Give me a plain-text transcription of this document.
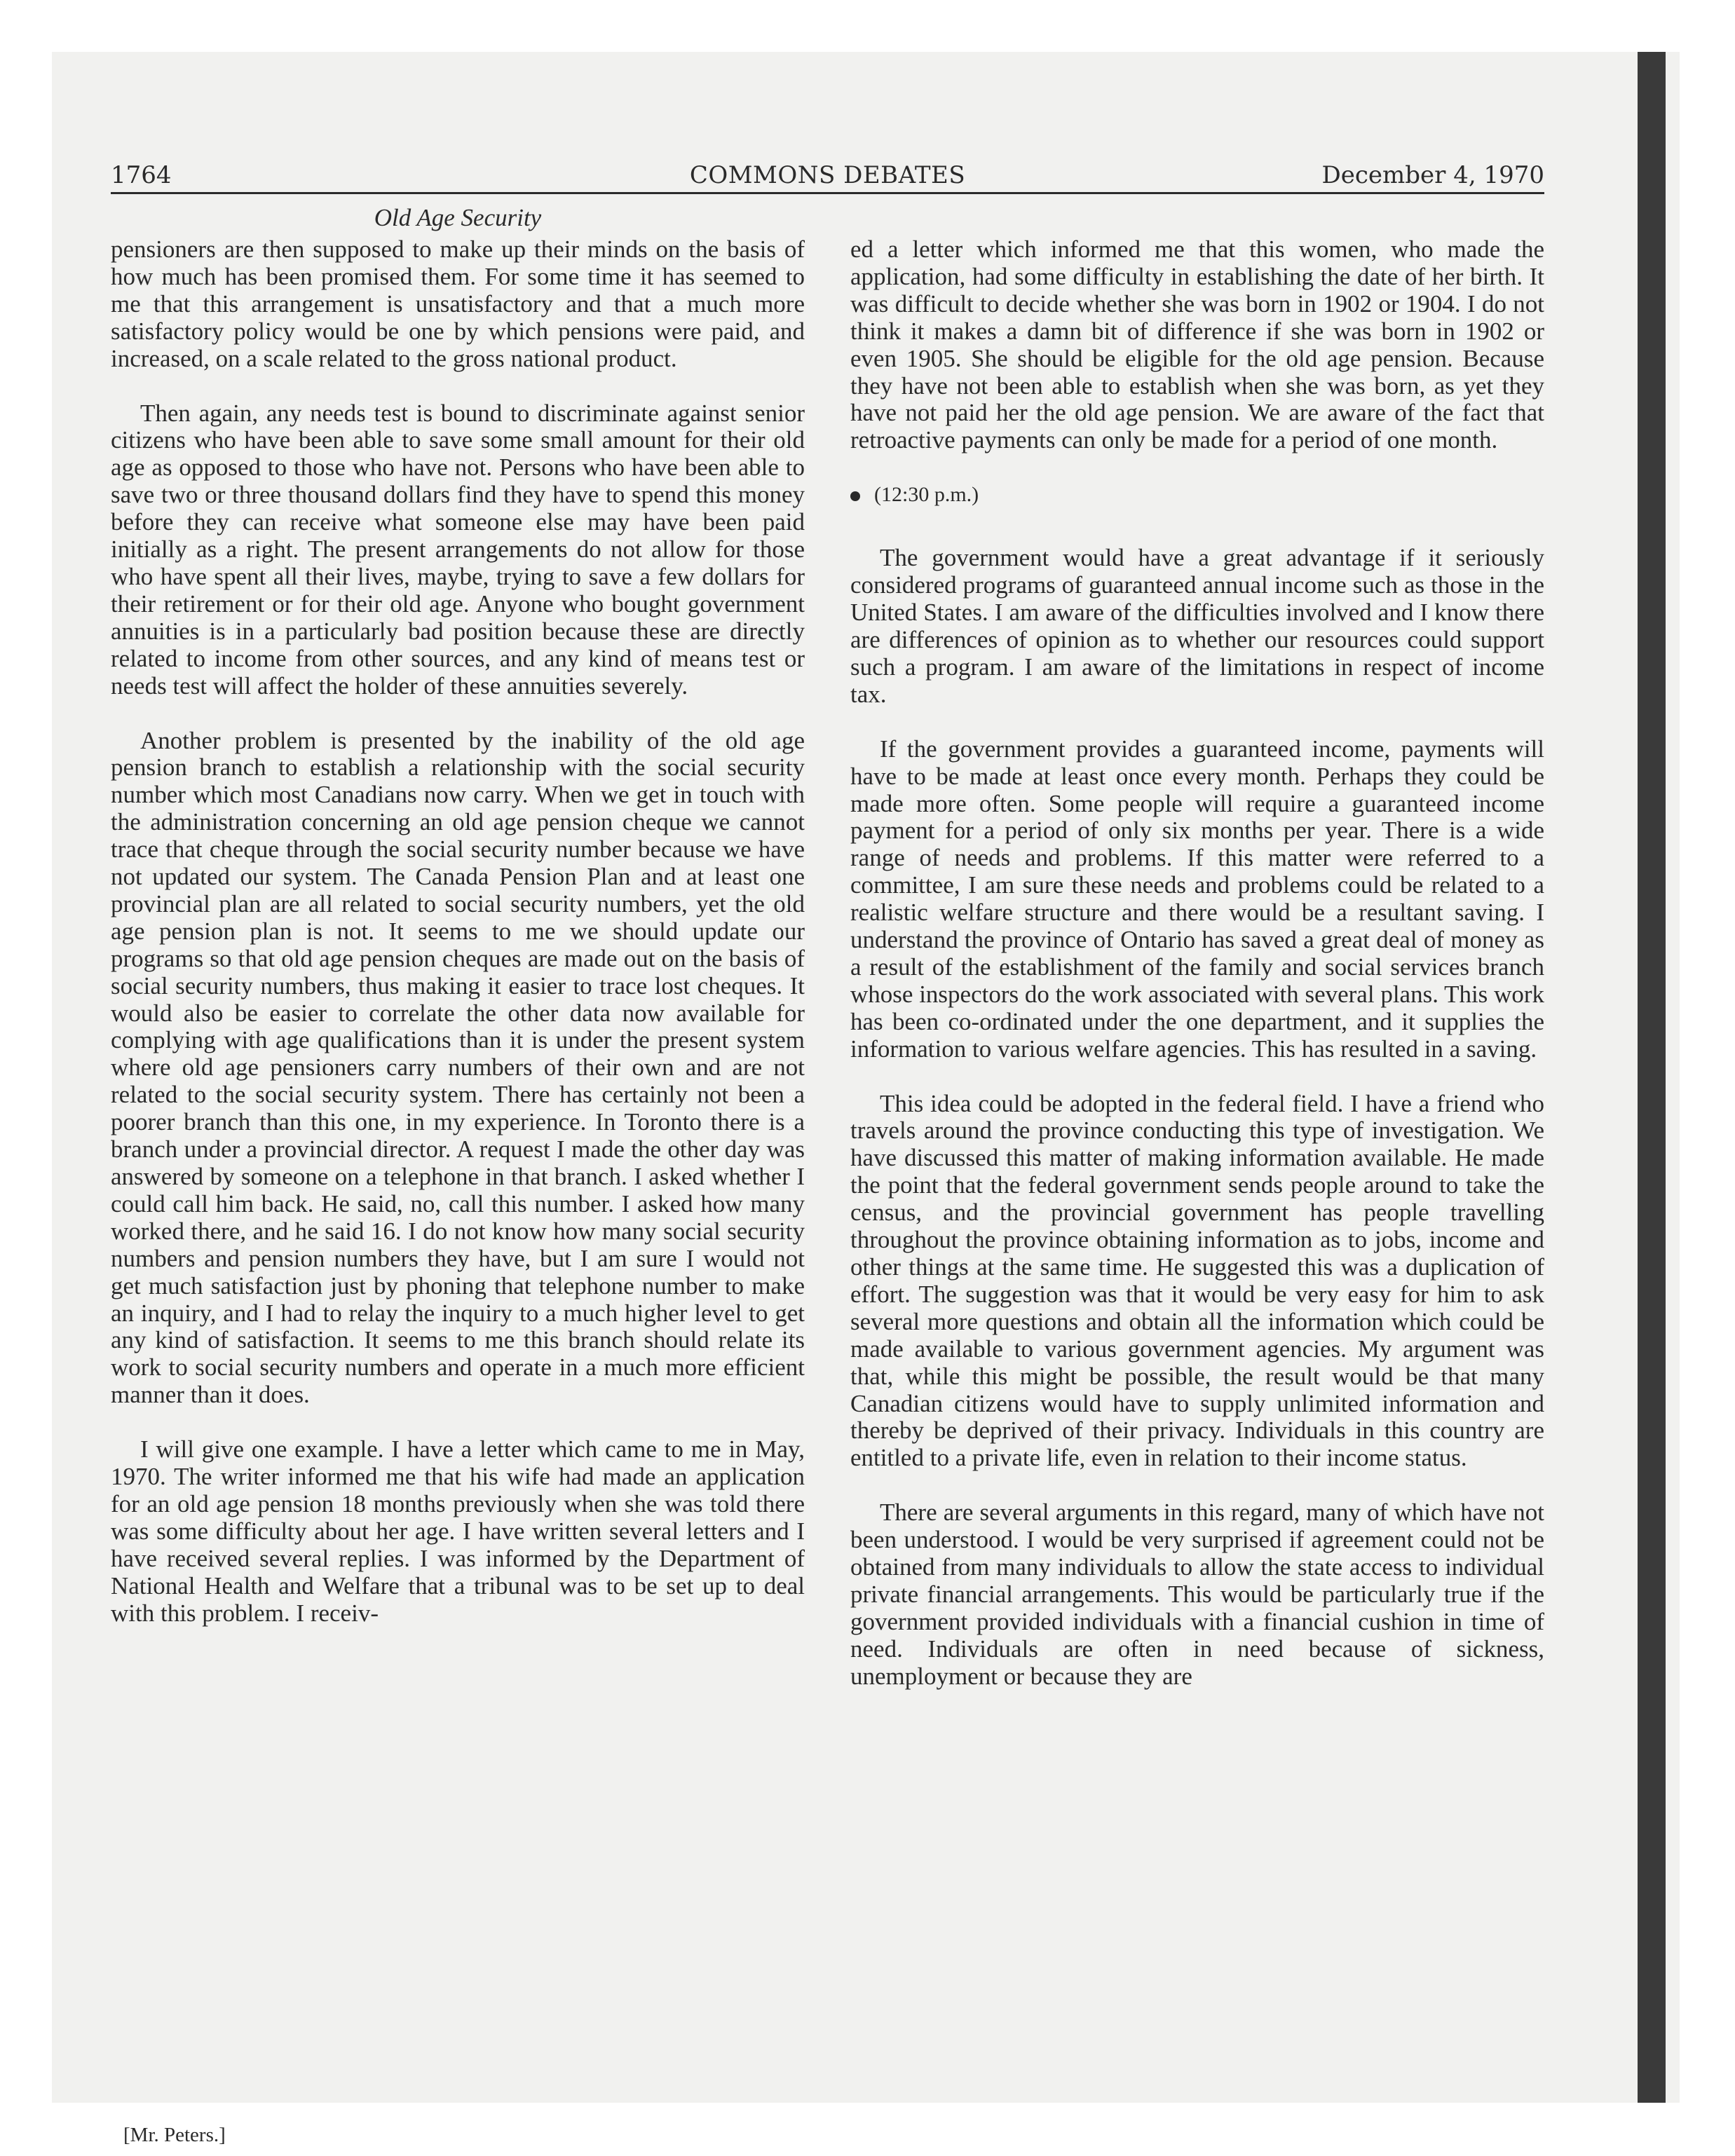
1764	COMMONS DEBATES	December 4, 1970
Old Age Security

pensioners are then supposed to make up their minds on the basis of how much has been promised them. For some time it has seemed to me that this arrangement is unsatisfactory and that a much more satisfactory policy would be one by which pensions were paid, and increased, on a scale related to the gross national product.

Then again, any needs test is bound to discriminate against senior citizens who have been able to save some small amount for their old age as opposed to those who have not. Persons who have been able to save two or three thousand dollars find they have to spend this money before they can receive what someone else may have been paid initially as a right. The present arrangements do not allow for those who have spent all their lives, maybe, trying to save a few dollars for their retirement or for their old age. Anyone who bought government annuities is in a particularly bad position because these are directly related to income from other sources, and any kind of means test or needs test will affect the holder of these annuities severely.

Another problem is presented by the inability of the old age pension branch to establish a relationship with the social security number which most Canadians now carry. When we get in touch with the administration concerning an old age pension cheque we cannot trace that cheque through the social security number because we have not updated our system. The Canada Pension Plan and at least one provincial plan are all related to social security numbers, yet the old age pension plan is not. It seems to me we should update our programs so that old age pension cheques are made out on the basis of social security numbers, thus making it easier to trace lost cheques. It would also be easier to correlate the other data now available for complying with age qualifications than it is under the present system where old age pensioners carry numbers of their own and are not related to the social security system. There has certainly not been a poorer branch than this one, in my experience. In Toronto there is a branch under a provincial director. A request I made the other day was answered by someone on a telephone in that branch. I asked whether I could call him back. He said, no, call this number. I asked how many worked there, and he said 16. I do not know how many social security numbers and pension numbers they have, but I am sure I would not get much satisfaction just by phoning that telephone number to make an inquiry, and I had to relay the inquiry to a much higher level to get any kind of satisfaction. It seems to me this branch should relate its work to social security numbers and operate in a much more efficient manner than it does.

I will give one example. I have a letter which came to me in May, 1970. The writer informed me that his wife had made an application for an old age pension 18 months previously when she was told there was some difficulty about her age. I have written several letters and I have received several replies. I was informed by the Department of National Health and Welfare that a tribunal was to be set up to deal with this problem. I receiv-

ed a letter which informed me that this women, who made the application, had some difficulty in establishing the date of her birth. It was difficult to decide whether she was born in 1902 or 1904. I do not think it makes a damn bit of difference if she was born in 1902 or even 1905. She should be eligible for the old age pension. Because they have not been able to establish when she was born, as yet they have not paid her the old age pension. We are aware of the fact that retroactive payments can only be made for a period of one month.

(12:30 p.m.)

The government would have a great advantage if it seriously considered programs of guaranteed annual income such as those in the United States. I am aware of the difficulties involved and I know there are differences of opinion as to whether our resources could support such a program. I am aware of the limitations in respect of income tax.

If the government provides a guaranteed income, payments will have to be made at least once every month. Perhaps they could be made more often. Some people will require a guaranteed income payment for a period of only six months per year. There is a wide range of needs and problems. If this matter were referred to a committee, I am sure these needs and problems could be related to a realistic welfare structure and there would be a resultant saving. I understand the province of Ontario has saved a great deal of money as a result of the establishment of the family and social services branch whose inspectors do the work associated with several plans. This work has been co-ordinated under the one department, and it supplies the information to various welfare agencies. This has resulted in a saving.

This idea could be adopted in the federal field. I have a friend who travels around the province conducting this type of investigation. We have discussed this matter of making information available. He made the point that the federal government sends people around to take the census, and the provincial government has people travelling throughout the province obtaining information as to jobs, income and other things at the same time. He suggested this was a duplication of effort. The suggestion was that it would be very easy for him to ask several more questions and obtain all the information which could be made available to various government agencies. My argument was that, while this might be possible, the result would be that many Canadian citizens would have to supply unlimited information and thereby be deprived of their privacy. Individuals in this country are entitled to a private life, even in relation to their income status.

There are several arguments in this regard, many of which have not been understood. I would be very surprised if agreement could not be obtained from many individuals to allow the state access to individual private financial arrangements. This would be particularly true if the government provided individuals with a financial cushion in time of need. Individuals are often in need because of sickness, unemployment or because they are

[Mr. Peters.]
